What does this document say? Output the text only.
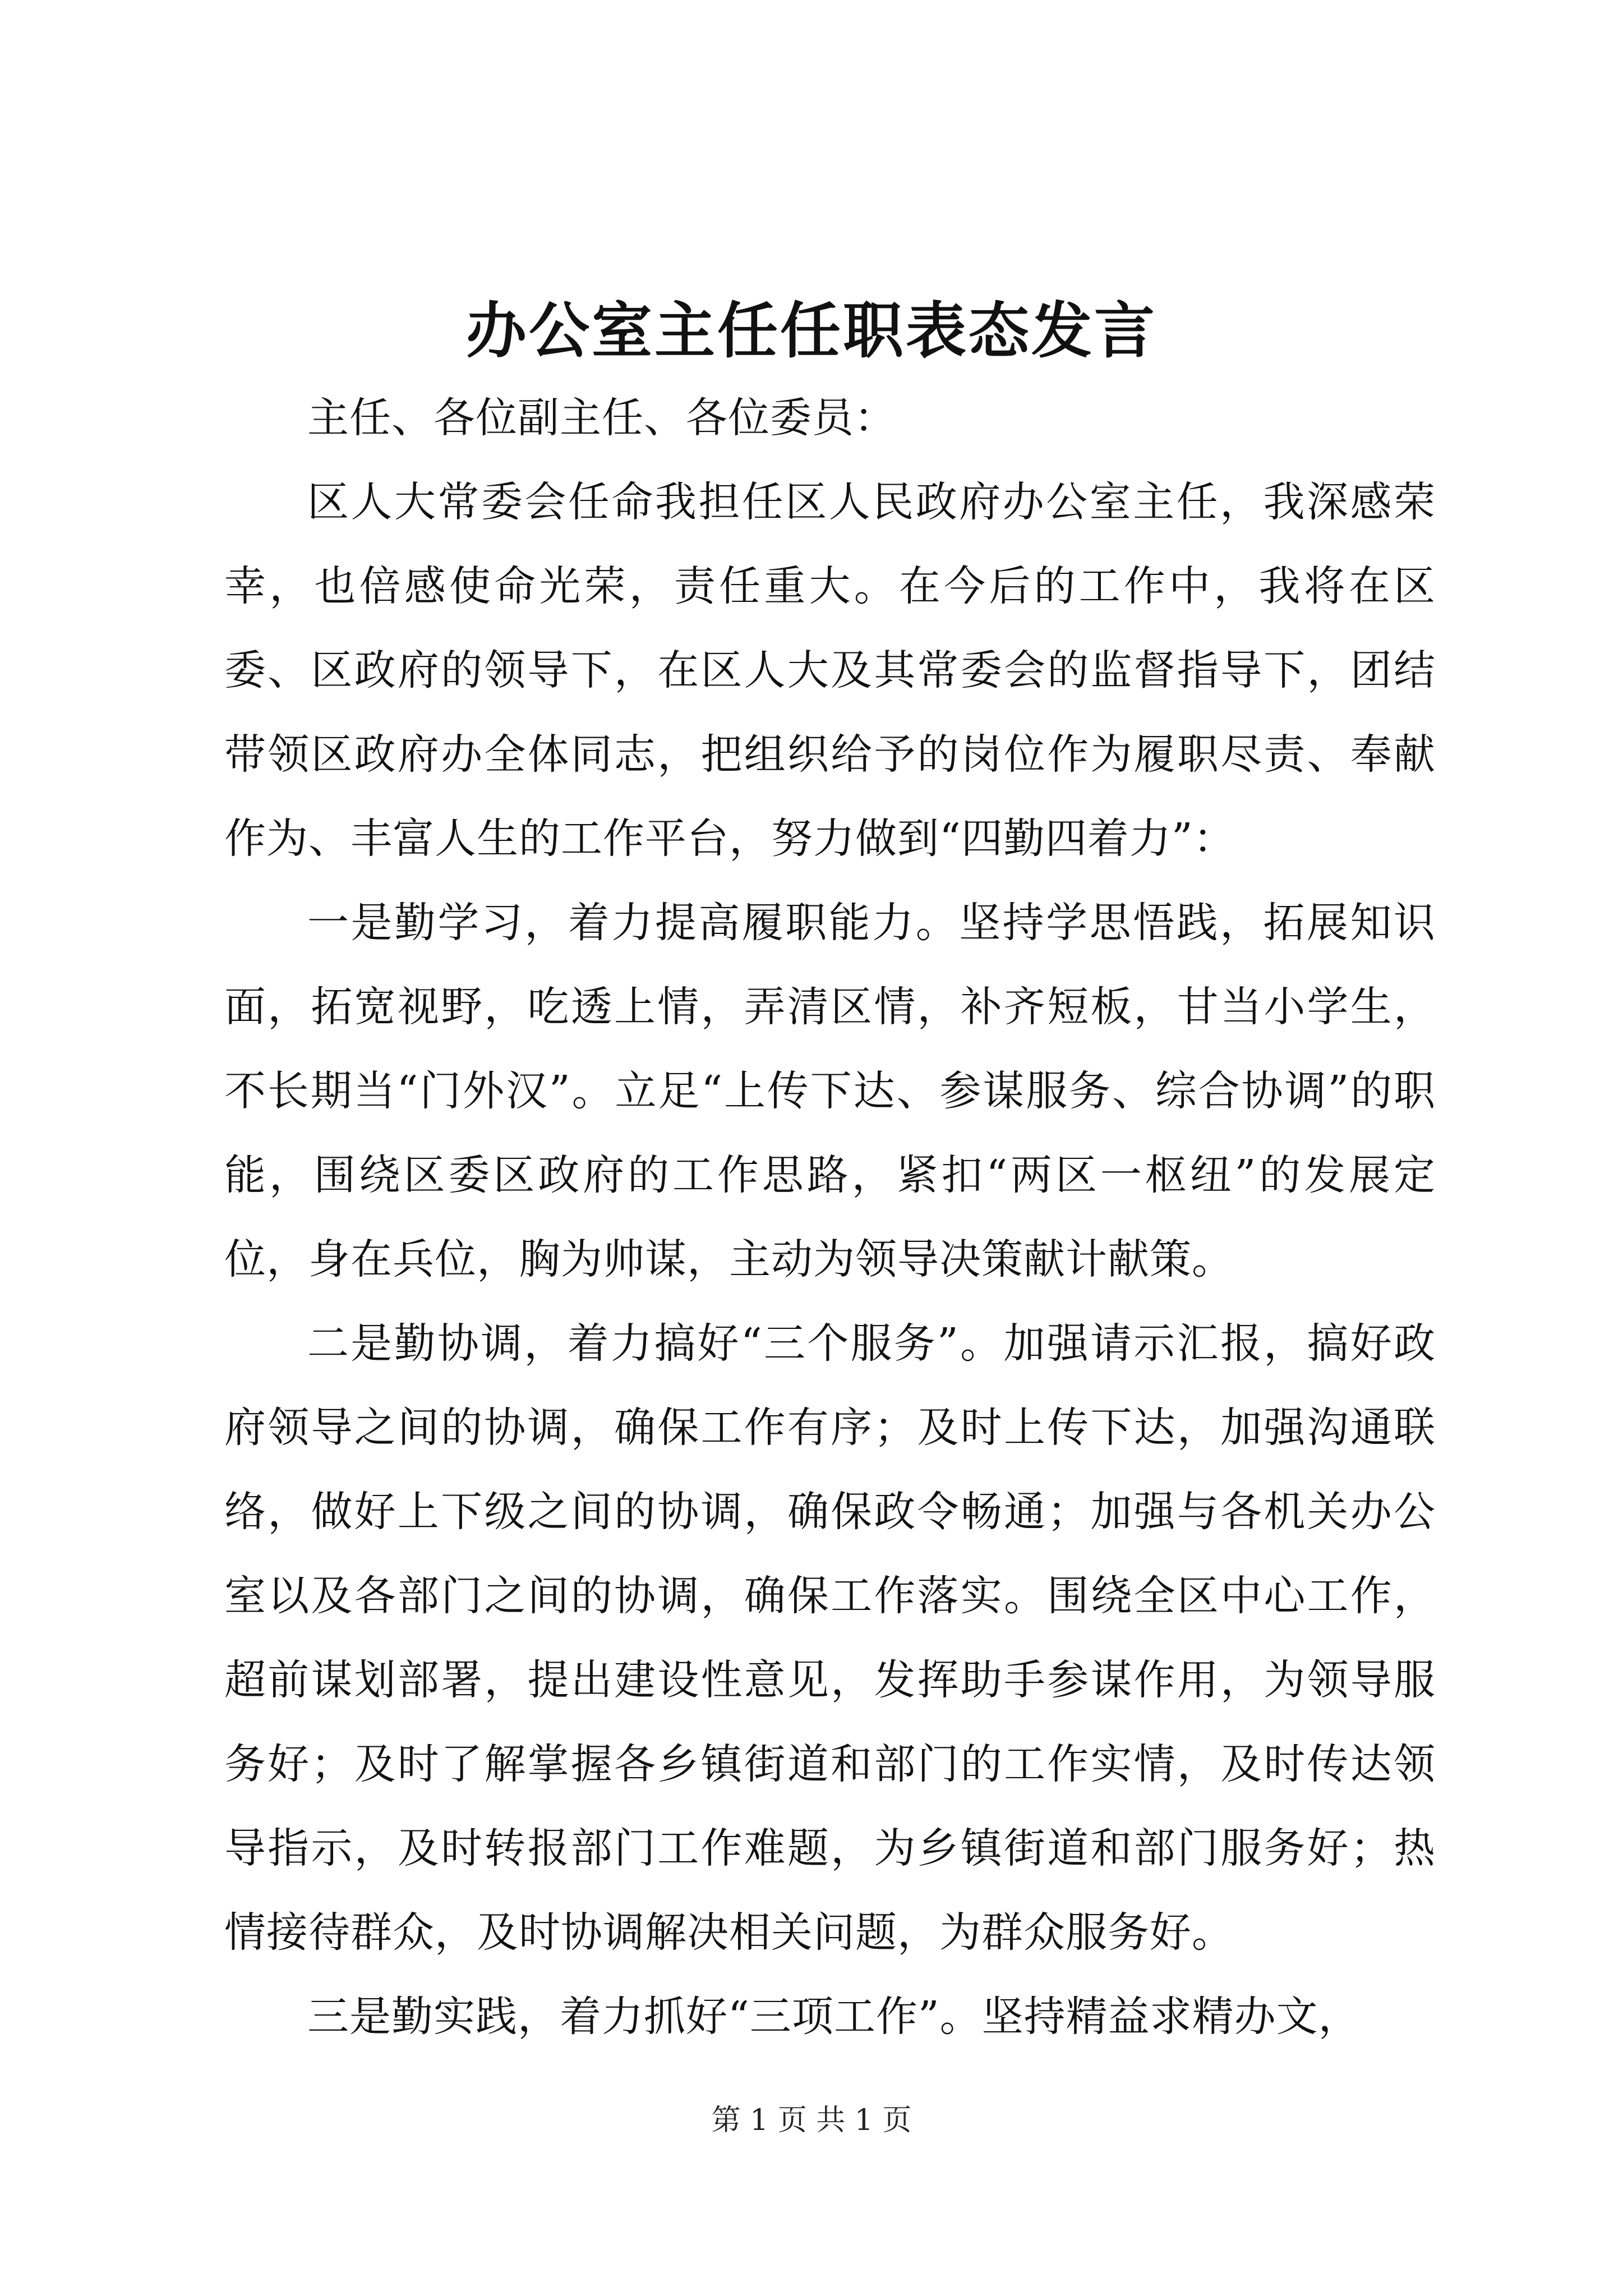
办公室主任任职表态发言

主任、各位副主任、各位委员：

区人大常委会任命我担任区人民政府办公室主任，我深感荣幸，也倍感使命光荣，责任重大。在今后的工作中，我将在区委、区政府的领导下，在区人大及其常委会的监督指导下，团结带领区政府办全体同志，把组织给予的岗位作为履职尽责、奉献作为、丰富人生的工作平台，努力做到“四勤四着力”：

一是勤学习，着力提高履职能力。坚持学思悟践，拓展知识面，拓宽视野，吃透上情，弄清区情，补齐短板，甘当小学生，不长期当“门外汉”。立足“上传下达、参谋服务、综合协调”的职能，围绕区委区政府的工作思路，紧扣“两区一枢纽”的发展定位，身在兵位，胸为帅谋，主动为领导决策献计献策。

二是勤协调，着力搞好“三个服务”。加强请示汇报，搞好政府领导之间的协调，确保工作有序；及时上传下达，加强沟通联络，做好上下级之间的协调，确保政令畅通；加强与各机关办公室以及各部门之间的协调，确保工作落实。围绕全区中心工作，超前谋划部署，提出建设性意见，发挥助手参谋作用，为领导服务好；及时了解掌握各乡镇街道和部门的工作实情，及时传达领导指示，及时转报部门工作难题，为乡镇街道和部门服务好；热情接待群众，及时协调解决相关问题，为群众服务好。

三是勤实践，着力抓好“三项工作”。坚持精益求精办文，

第 1 页 共 1 页
